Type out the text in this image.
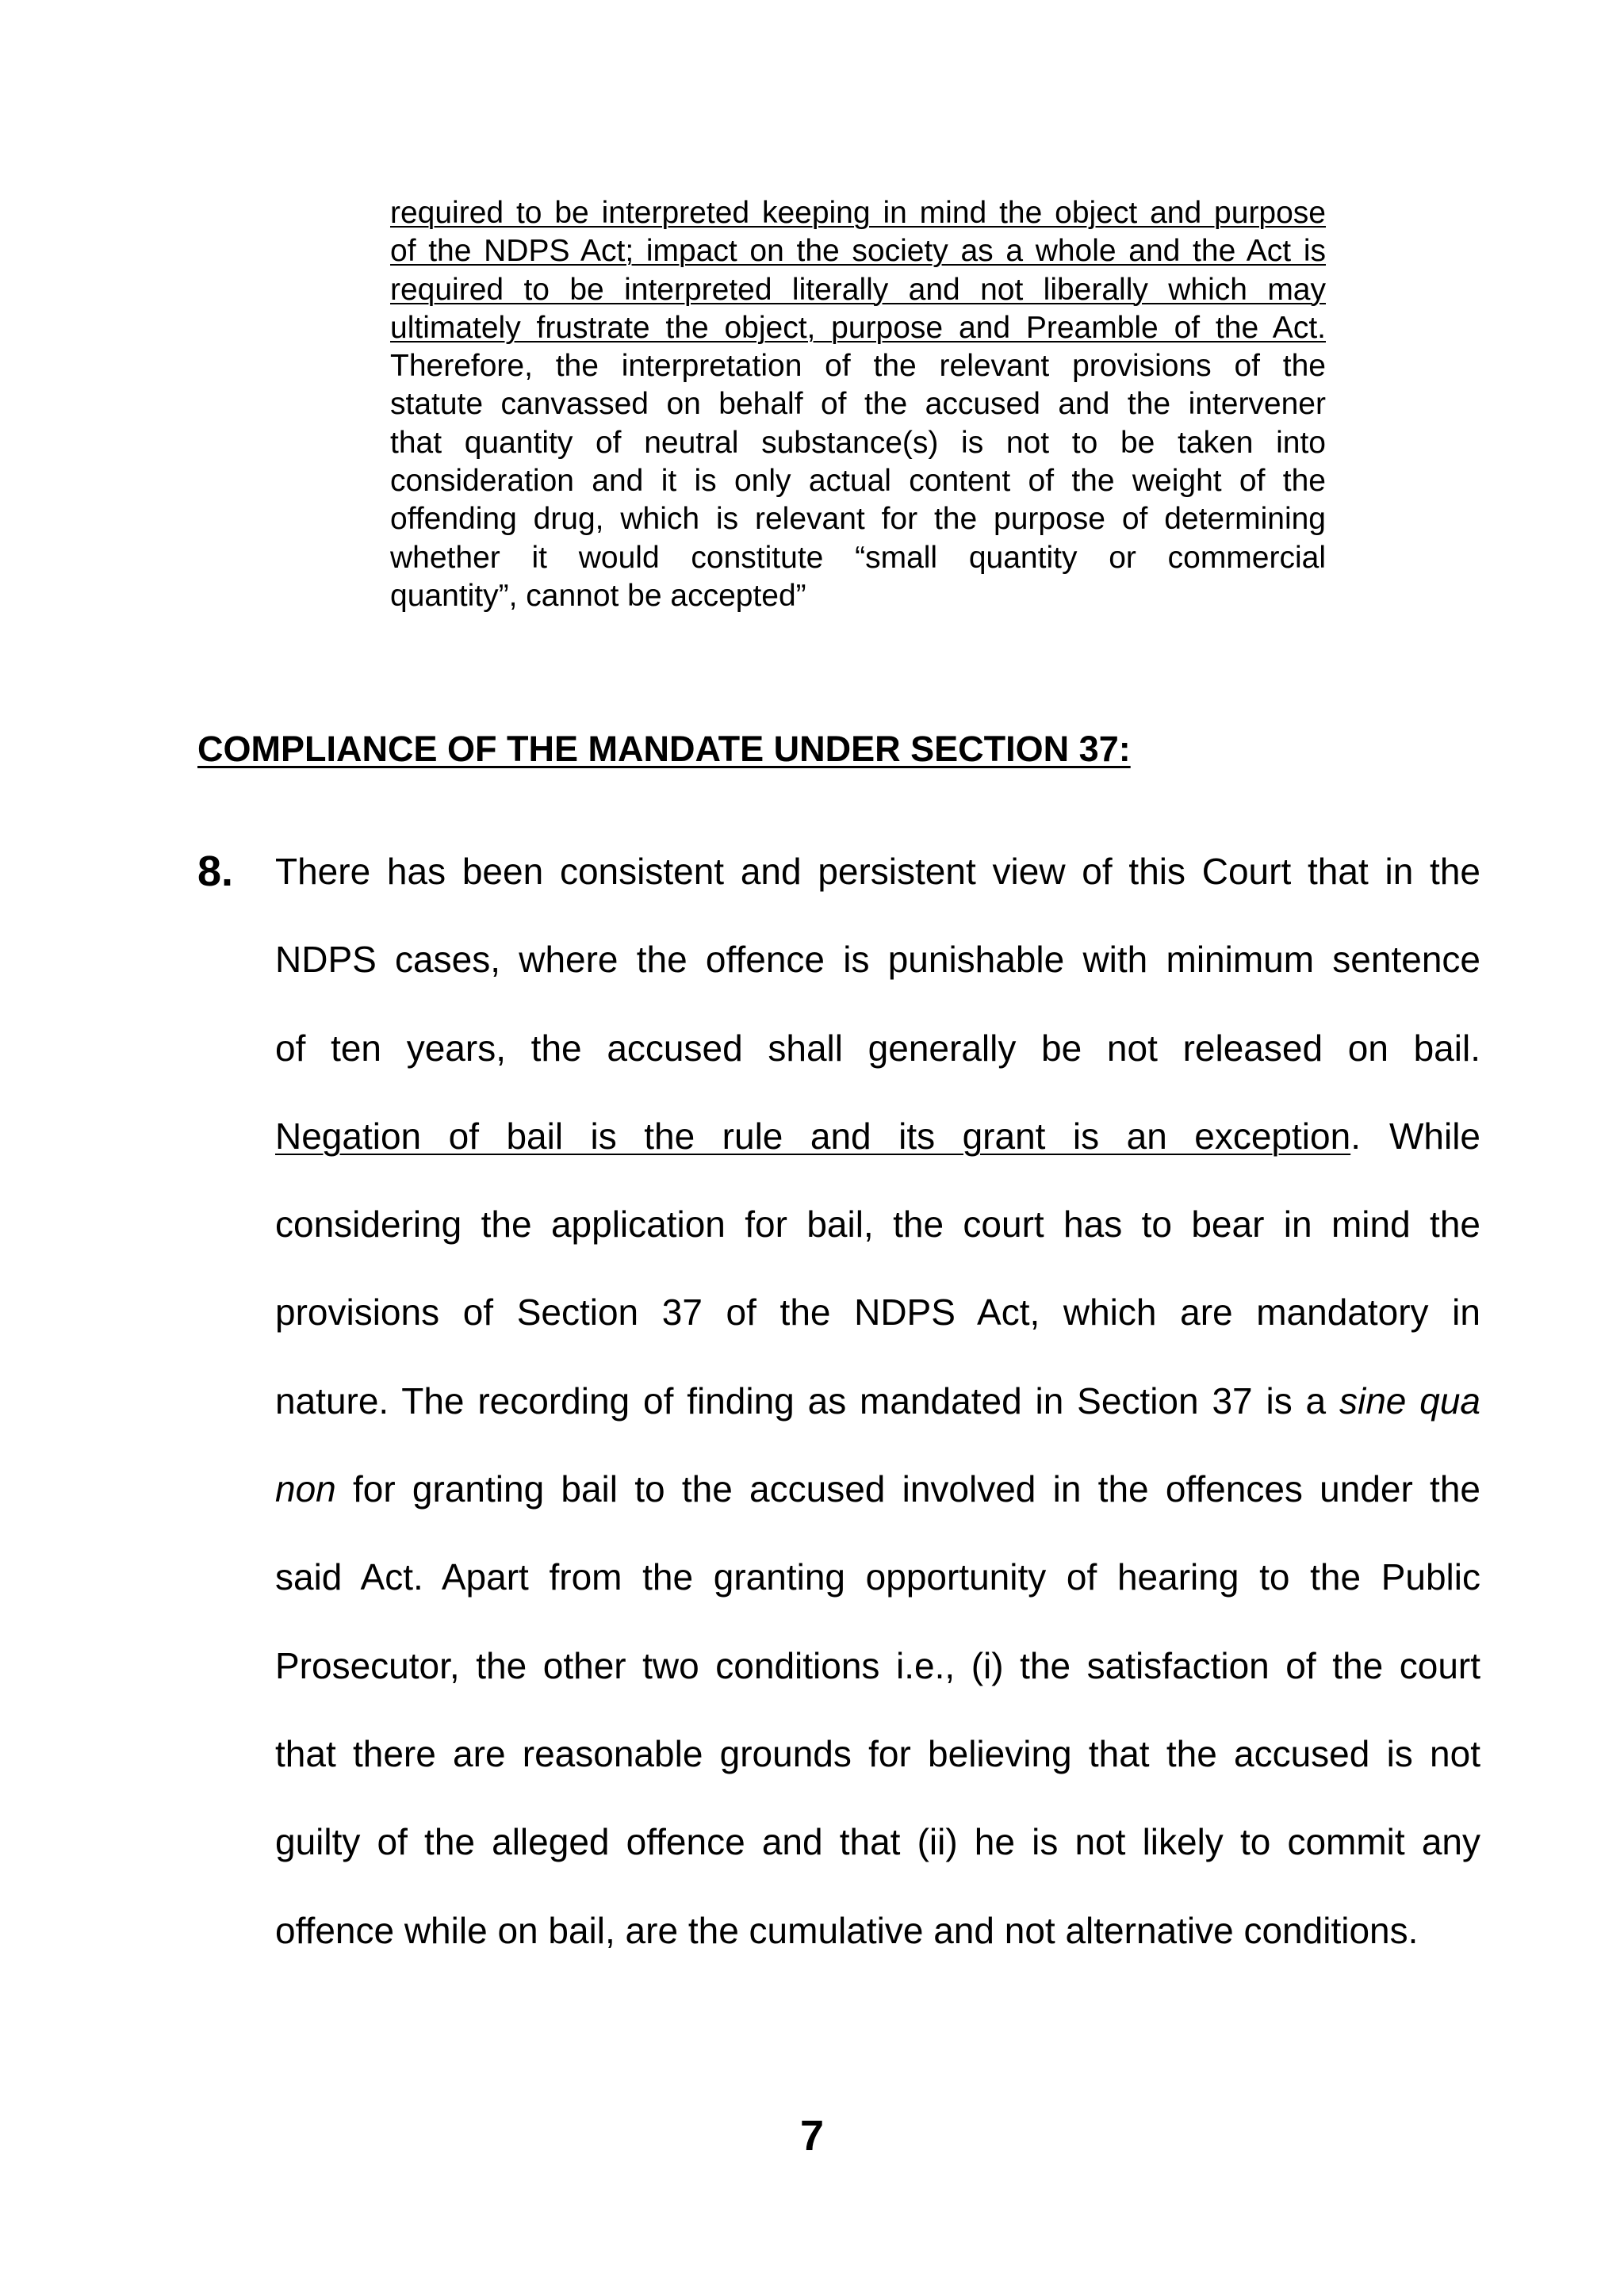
required to be interpreted keeping in mind the object and purpose
of the NDPS Act; impact on the society as a whole and the Act is
required to be interpreted literally and not liberally which may
ultimately frustrate the object, purpose and Preamble of the Act.
Therefore, the interpretation of the relevant provisions of the
statute canvassed on behalf of the accused and the intervener
that quantity of neutral substance(s) is not to be taken into
consideration and it is only actual content of the weight of the
offending drug, which is relevant for the purpose of determining
whether it would constitute “small quantity or commercial
quantity”, cannot be accepted”
COMPLIANCE OF THE MANDATE UNDER SECTION 37:
8. There has been consistent and persistent view of this Court that in the
NDPS cases, where the offence is punishable with minimum sentence
of ten years, the accused shall generally be not released on bail.
Negation of bail is the rule and its grant is an exception. While
considering the application for bail, the court has to bear in mind the
provisions of Section 37 of the NDPS Act, which are mandatory in
nature. The recording of finding as mandated in Section 37 is a sine qua
non for granting bail to the accused involved in the offences under the
said Act. Apart from the granting opportunity of hearing to the Public
Prosecutor, the other two conditions i.e., (i) the satisfaction of the court
that there are reasonable grounds for believing that the accused is not
guilty of the alleged offence and that (ii) he is not likely to commit any
offence while on bail, are the cumulative and not alternative conditions.
7
